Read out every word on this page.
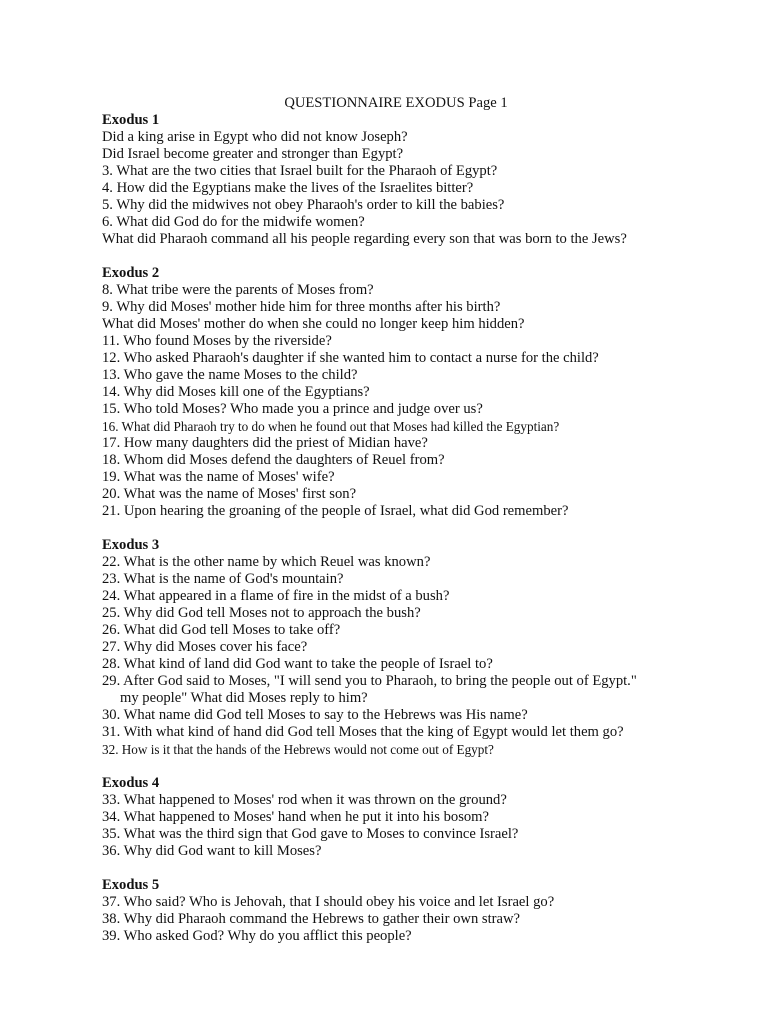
QUESTIONNAIRE EXODUS Page 1
Exodus 1
Did a king arise in Egypt who did not know Joseph?
Did Israel become greater and stronger than Egypt?
3. What are the two cities that Israel built for the Pharaoh of Egypt?
4. How did the Egyptians make the lives of the Israelites bitter?
5. Why did the midwives not obey Pharaoh's order to kill the babies?
6. What did God do for the midwife women?
What did Pharaoh command all his people regarding every son that was born to the Jews?
Exodus 2
8. What tribe were the parents of Moses from?
9. Why did Moses' mother hide him for three months after his birth?
What did Moses' mother do when she could no longer keep him hidden?
11. Who found Moses by the riverside?
12. Who asked Pharaoh's daughter if she wanted him to contact a nurse for the child?
13. Who gave the name Moses to the child?
14. Why did Moses kill one of the Egyptians?
15. Who told Moses? Who made you a prince and judge over us?
16. What did Pharaoh try to do when he found out that Moses had killed the Egyptian?
17. How many daughters did the priest of Midian have?
18. Whom did Moses defend the daughters of Reuel from?
19. What was the name of Moses' wife?
20. What was the name of Moses' first son?
21. Upon hearing the groaning of the people of Israel, what did God remember?
Exodus 3
22. What is the other name by which Reuel was known?
23. What is the name of God's mountain?
24. What appeared in a flame of fire in the midst of a bush?
25. Why did God tell Moses not to approach the bush?
26. What did God tell Moses to take off?
27. Why did Moses cover his face?
28. What kind of land did God want to take the people of Israel to?
29. After God said to Moses, "I will send you to Pharaoh, to bring the people out of Egypt."
my people" What did Moses reply to him?
30. What name did God tell Moses to say to the Hebrews was His name?
31. With what kind of hand did God tell Moses that the king of Egypt would let them go?
32. How is it that the hands of the Hebrews would not come out of Egypt?
Exodus 4
33. What happened to Moses' rod when it was thrown on the ground?
34. What happened to Moses' hand when he put it into his bosom?
35. What was the third sign that God gave to Moses to convince Israel?
36. Why did God want to kill Moses?
Exodus 5
37. Who said? Who is Jehovah, that I should obey his voice and let Israel go?
38. Why did Pharaoh command the Hebrews to gather their own straw?
39. Who asked God? Why do you afflict this people?
